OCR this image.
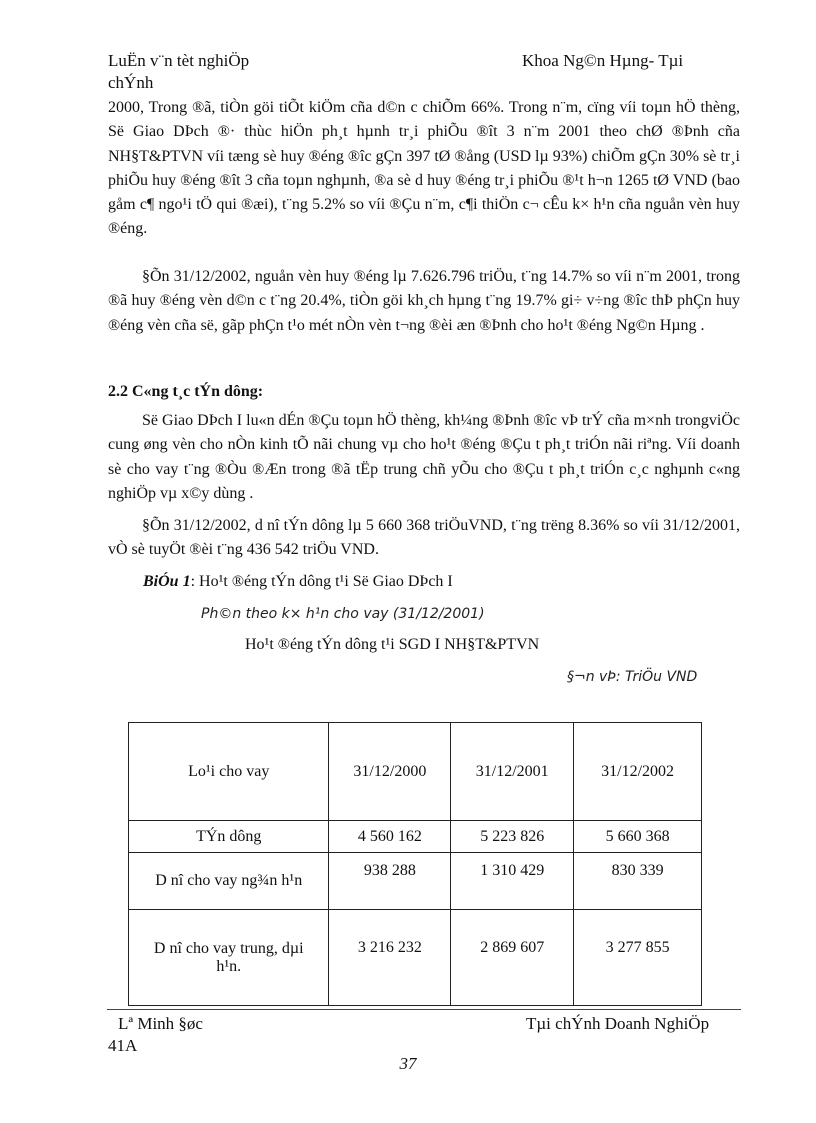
LuËn v¨n tèt nghiÖp
chÝnh
Khoa Ng©n Hµng- Tµi

2000, Trong ®ã, tiÒn göi tiÕt kiÖm cña d©n c chiÕm 66%. Trong n¨m, cïng víi toµn hÖ thèng, Së Giao DÞch ®· thùc hiÖn ph¸t hµnh tr¸i phiÕu ®ît 3 n¨m 2001 theo chØ ®Þnh cña NH§T&PTVN víi tæng sè huy ®éng ®îc gÇn 397 tØ ®ång (USD lµ 93%) chiÕm gÇn 30% sè tr¸i phiÕu huy ®éng ®ît 3 cña toµn nghµnh, ®a sè d huy ®éng tr¸i phiÕu ®¹t h¬n 1265 tØ VND (bao gåm c¶ ngo¹i tÖ qui ®æi), t¨ng 5.2% so víi ®Çu n¨m, c¶i thiÖn c¬ cÊu k× h¹n cña nguån vèn huy ®éng.

§Õn 31/12/2002, nguån vèn huy ®éng lµ 7.626.796 triÖu, t¨ng 14.7% so víi n¨m 2001, trong ®ã huy ®éng vèn d©n c t¨ng 20.4%, tiÒn göi kh¸ch hµng t¨ng 19.7% gi÷ v÷ng ®îc thÞ phÇn huy ®éng vèn cña së, gãp phÇn t¹o mét nÒn vèn t¬ng ®èi æn ®Þnh cho ho¹t ®éng Ng©n Hµng .

2.2 C«ng t¸c tÝn dông:

Së Giao DÞch I lu«n dÉn ®Çu toµn hÖ thèng, kh¼ng ®Þnh ®îc vÞ trÝ cña m×nh trongviÖc cung øng vèn cho nÒn kinh tÕ nãi chung vµ cho ho¹t ®éng ®Çu t ph¸t triÓn nãi riªng. Víi doanh sè cho vay t¨ng ®Òu ®Æn trong ®ã tËp trung chñ yÕu cho ®Çu t ph¸t triÓn c¸c nghµnh c«ng nghiÖp vµ x©y dùng .

§Õn 31/12/2002, d nî tÝn dông lµ 5 660 368 triÖuVND, t¨ng trëng 8.36% so víi 31/12/2001, vÒ sè tuyÖt ®èi t¨ng 436 542 triÖu VND.

BiÓu 1: Ho¹t ®éng tÝn dông t¹i Së Giao DÞch I
Ph©n theo k× h¹n cho vay (31/12/2001)
Ho¹t ®éng tÝn dông t¹i SGD I NH§T&PTVN
§¬n vÞ: TriÖu VND
Lo¹i cho vay	31/12/2000	31/12/2001	31/12/2002
TÝn dông	4 560 162	5 223 826	5 660 368
D nî cho vay ng¾n h¹n	938 288	1 310 429	830 339
D nî cho vay trung, dµi h¹n.	3 216 232	2 869 607	3 277 855
Lª Minh §øc
41A
Tµi chÝnh Doanh NghiÖp
37
